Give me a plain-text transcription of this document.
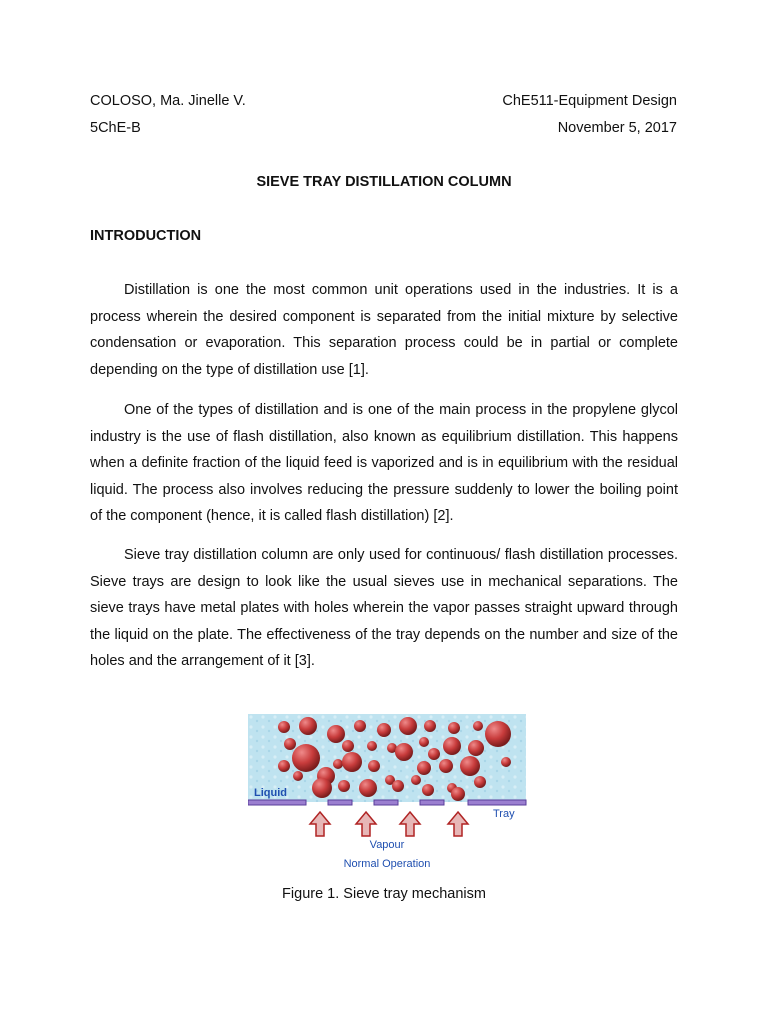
COLOSO, Ma. Jinelle V.	ChE511-Equipment Design
5ChE-B	November 5, 2017
SIEVE TRAY DISTILLATION COLUMN
INTRODUCTION

Distillation is one the most common unit operations used in the industries. It is a process wherein the desired component is separated from the initial mixture by selective condensation or evaporation. This separation process could be in partial or complete depending on the type of distillation use [1].

One of the types of distillation and is one of the main process in the propylene glycol industry is the use of flash distillation, also known as equilibrium distillation. This happens when a definite fraction of the liquid feed is vaporized and is in equilibrium with the residual liquid. The process also involves reducing the pressure suddenly to lower the boiling point of the component (hence, it is called flash distillation) [2].

Sieve tray distillation column are only used for continuous/ flash distillation processes. Sieve trays are design to look like the usual sieves use in mechanical separations. The sieve trays have metal plates with holes wherein the vapor passes straight upward through the liquid on the plate. The effectiveness of the tray depends on the number and size of the holes and the arrangement of it [3].

Liquid
Tray
Vapour
Normal Operation
Figure 1. Sieve tray mechanism
